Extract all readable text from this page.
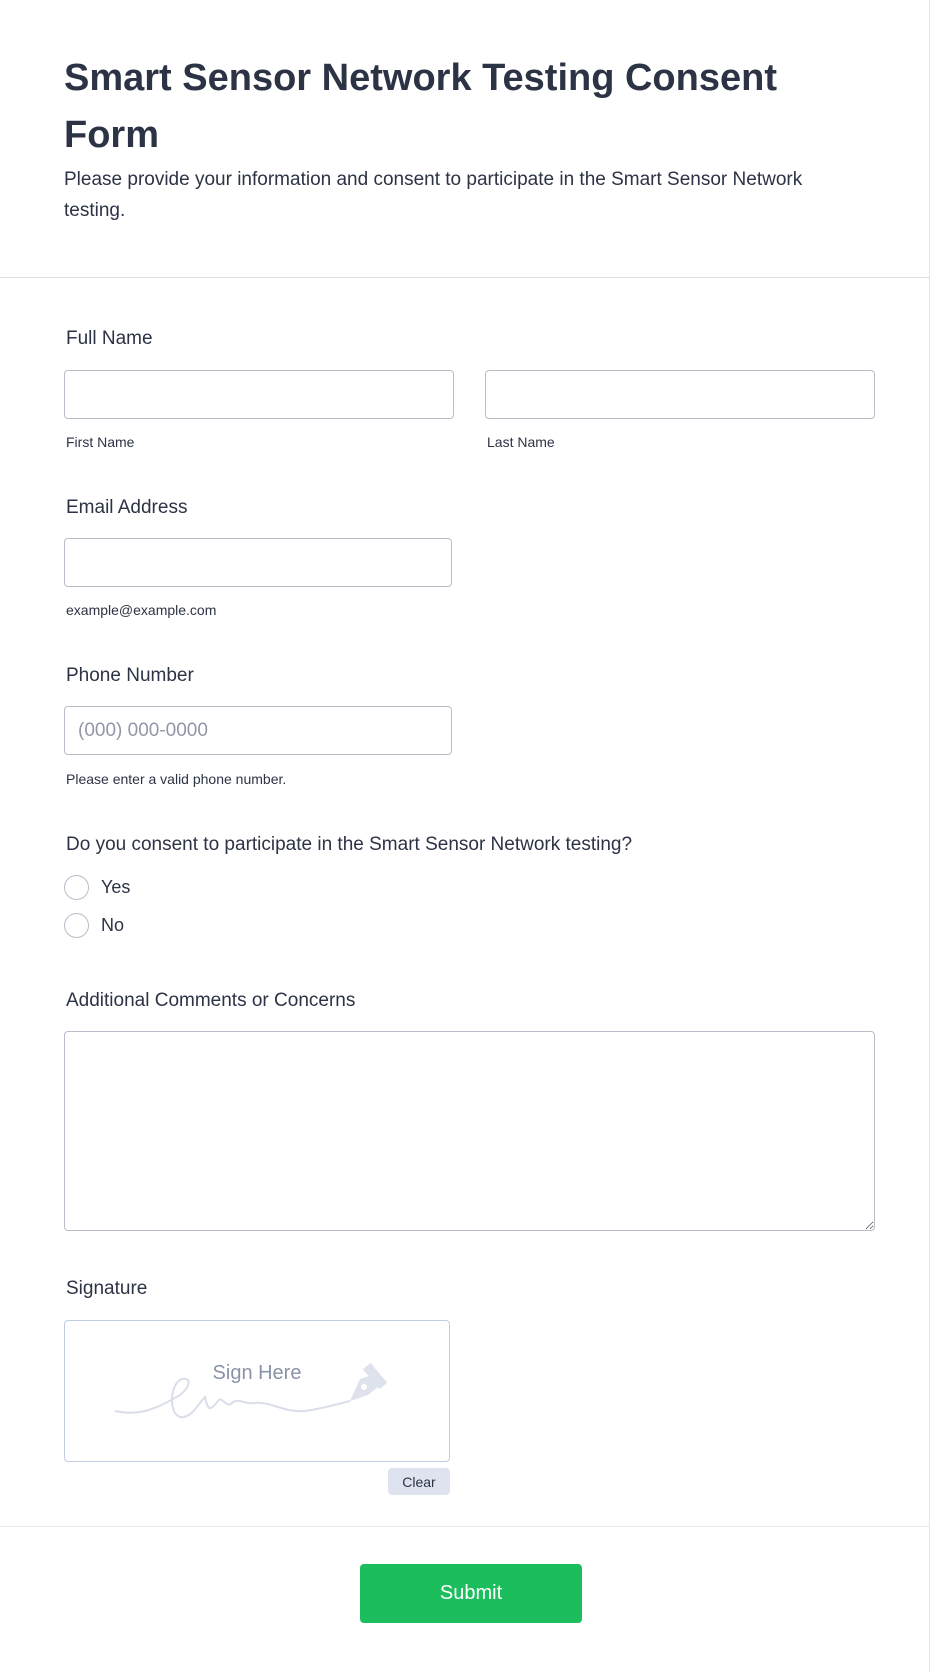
Smart Sensor Network Testing Consent Form
Please provide your information and consent to participate in the Smart Sensor Network testing.
Full Name
First Name	Last Name
Email Address
example@example.com
Phone Number
(000) 000-0000
Please enter a valid phone number.
Do you consent to participate in the Smart Sensor Network testing?
Yes
No
Additional Comments or Concerns
Signature
Sign Here
Clear
Submit
